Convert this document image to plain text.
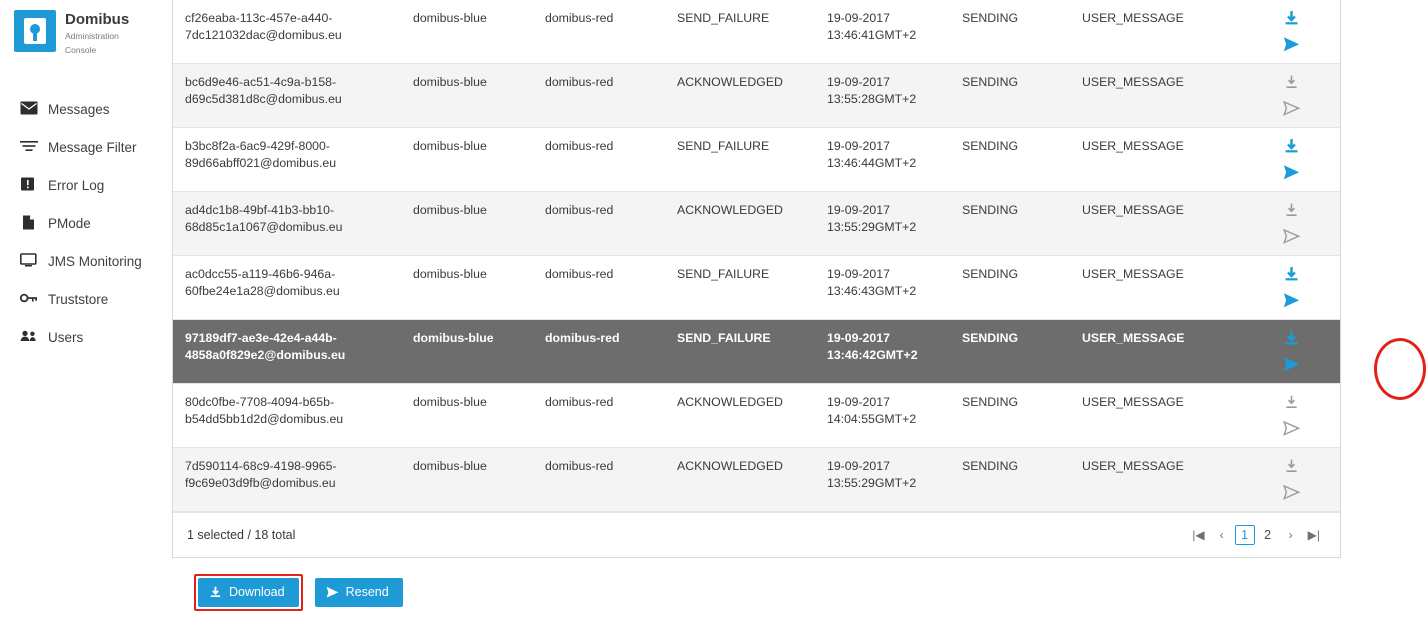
Domibus
Administration
Console
Messages
Message Filter
Error Log
PMode
JMS Monitoring
Truststore
Users
cf26eaba-113c-457e-a440-7dc121032dac@domibus.eu	domibus-blue	domibus-red	SEND_FAILURE	19-09-2017
13:46:41GMT+2	SENDING	USER_MESSAGE	

bc6d9e46-ac51-4c9a-b158-d69c5d381d8c@domibus.eu	domibus-blue	domibus-red	ACKNOWLEDGED	19-09-2017
13:55:28GMT+2	SENDING	USER_MESSAGE	

b3bc8f2a-6ac9-429f-8000-89d66abff021@domibus.eu	domibus-blue	domibus-red	SEND_FAILURE	19-09-2017
13:46:44GMT+2	SENDING	USER_MESSAGE	

ad4dc1b8-49bf-41b3-bb10-68d85c1a1067@domibus.eu	domibus-blue	domibus-red	ACKNOWLEDGED	19-09-2017
13:55:29GMT+2	SENDING	USER_MESSAGE	

ac0dcc55-a119-46b6-946a-60fbe24e1a28@domibus.eu	domibus-blue	domibus-red	SEND_FAILURE	19-09-2017
13:46:43GMT+2	SENDING	USER_MESSAGE	

97189df7-ae3e-42e4-a44b-4858a0f829e2@domibus.eu	domibus-blue	domibus-red	SEND_FAILURE	19-09-2017
13:46:42GMT+2	SENDING	USER_MESSAGE	

80dc0fbe-7708-4094-b65b-b54dd5bb1d2d@domibus.eu	domibus-blue	domibus-red	ACKNOWLEDGED	19-09-2017
14:04:55GMT+2	SENDING	USER_MESSAGE	

7d590114-68c9-4198-9965-f9c69e03d9fb@domibus.eu	domibus-blue	domibus-red	ACKNOWLEDGED	19-09-2017
13:55:29GMT+2	SENDING	USER_MESSAGE	
1 selected / 18 total	|◀	‹	1	2	›	▶|
Download	Resend
